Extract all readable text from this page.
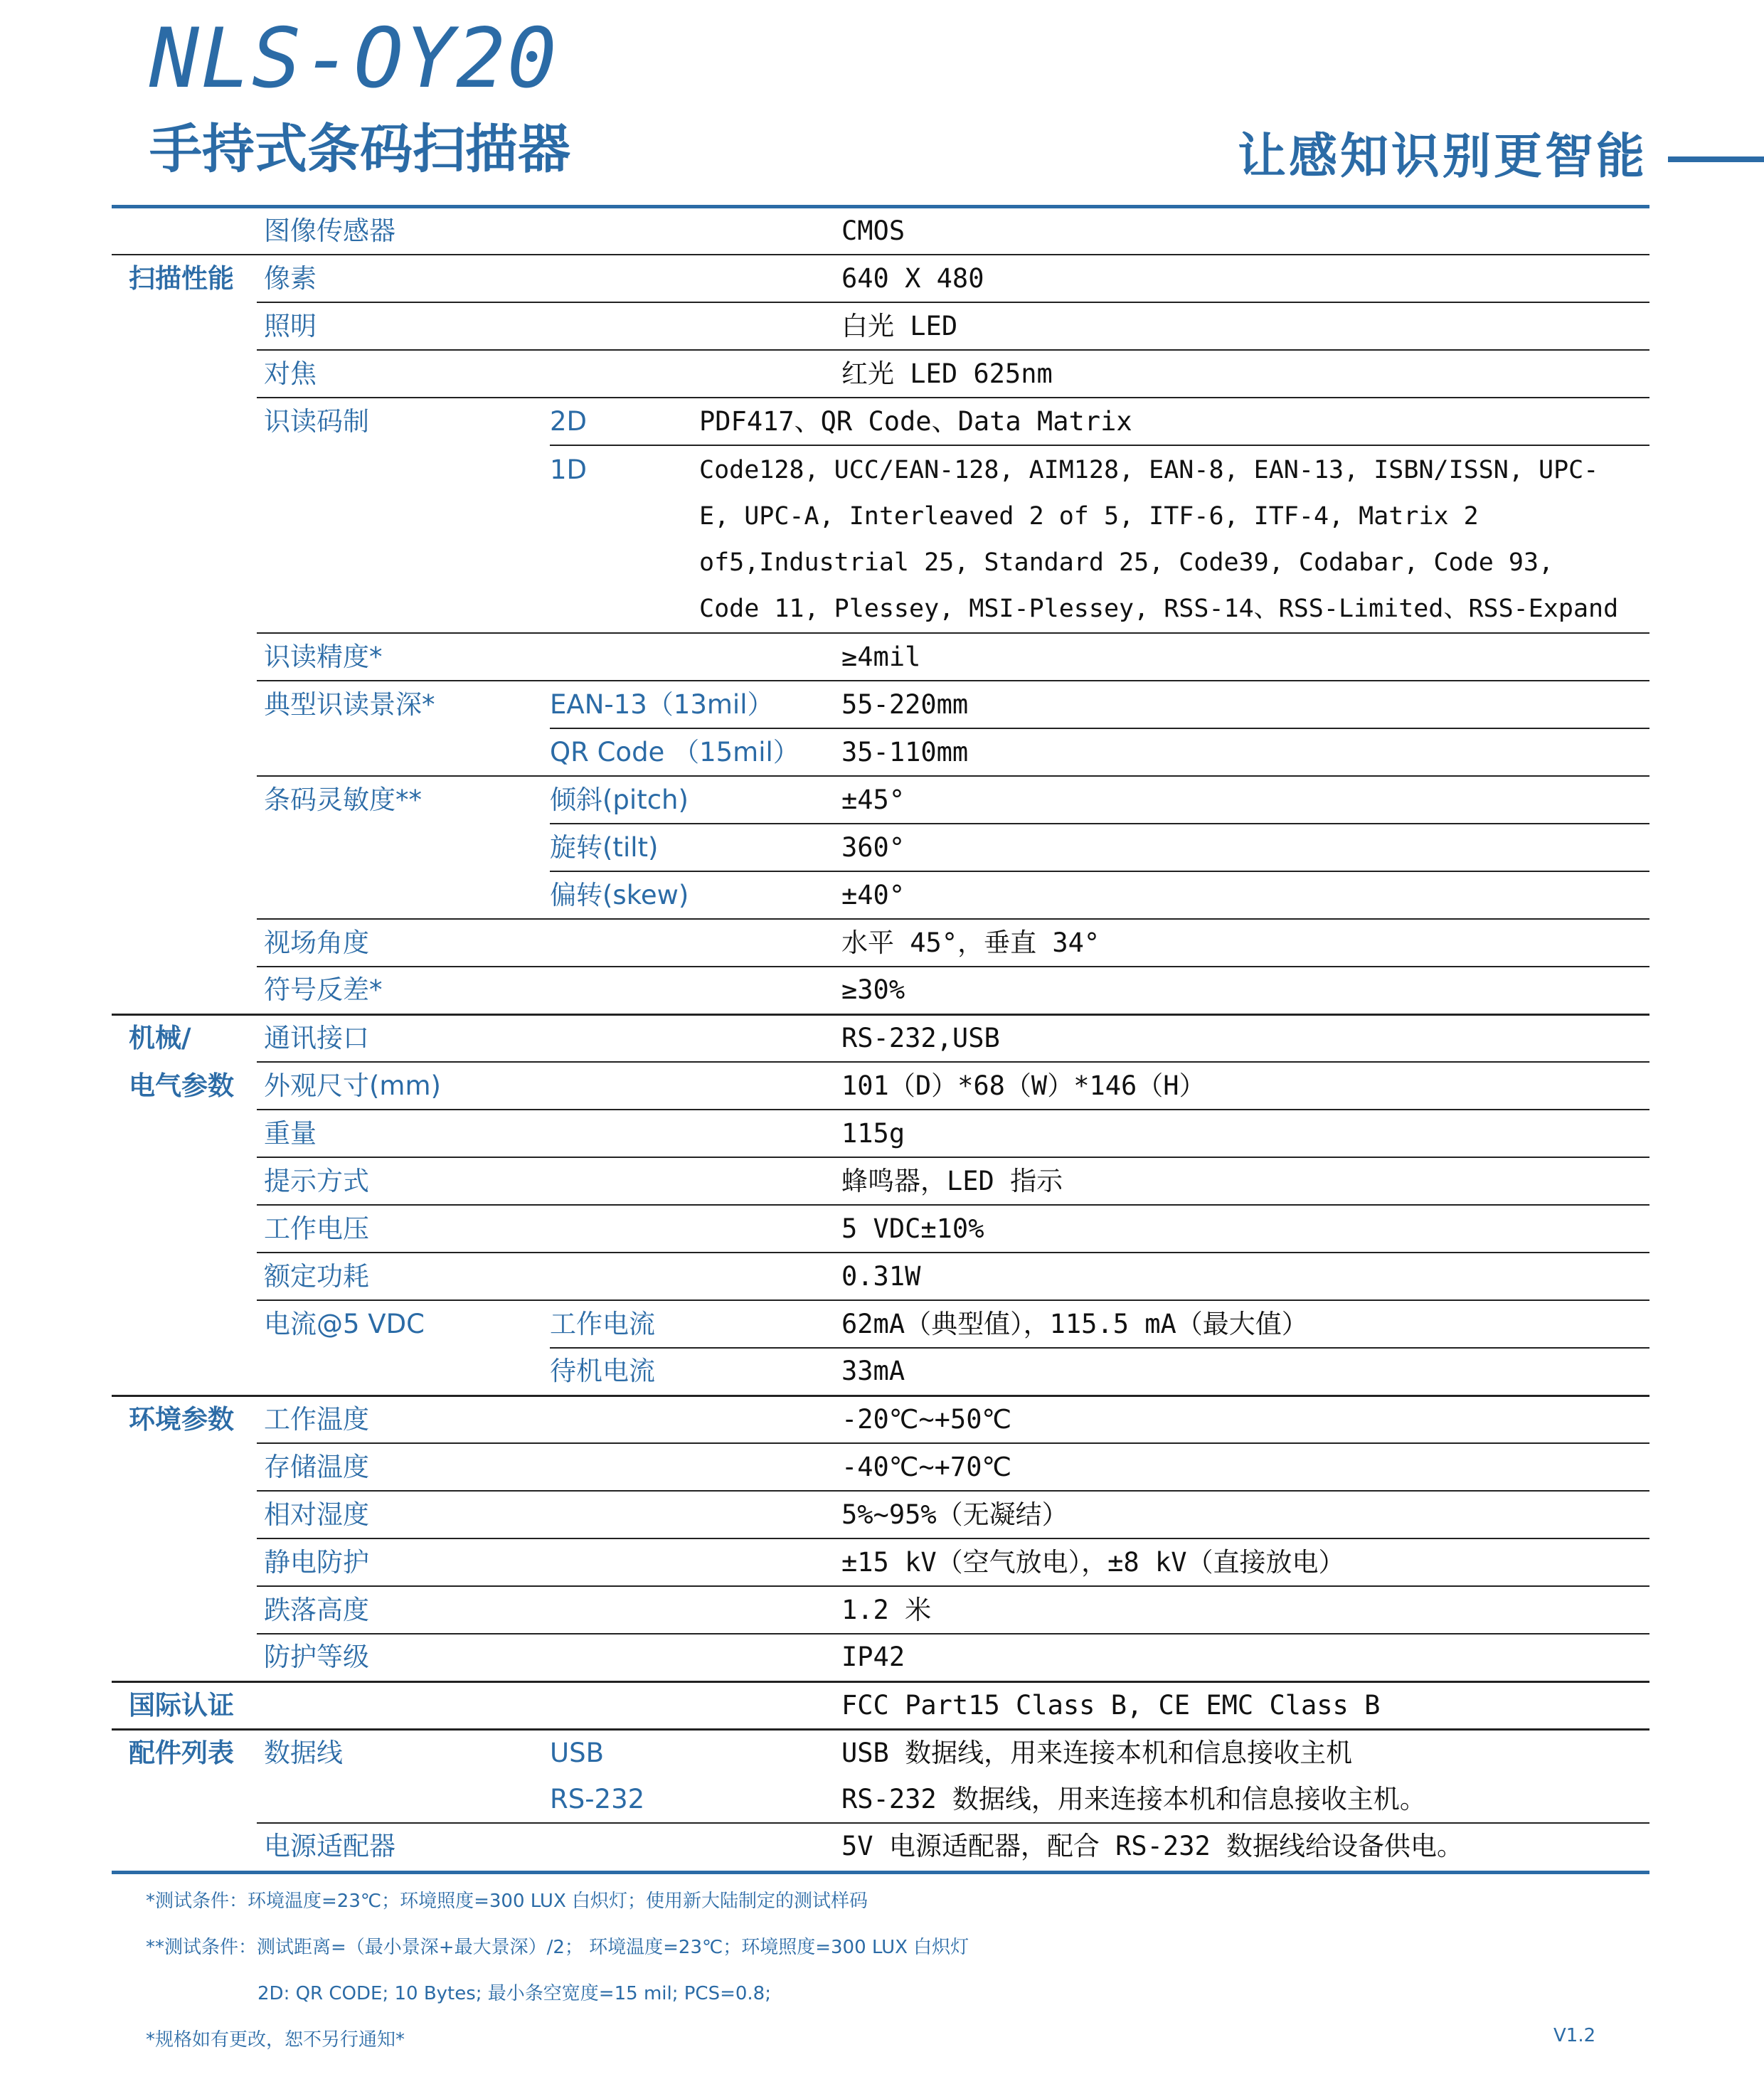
NLS-OY20
手持式条码扫描器	让感知识别更智能
	图像传感器		CMOS
扫描性能	像素		640 X 480
	照明		白光 LED
	对焦		红光 LED 625nm
	识读码制	2D	PDF417、QR Code、Data Matrix
		1D	Code128, UCC/EAN-128, AIM128, EAN-8, EAN-13, ISBN/ISSN, UPC-E, UPC-A, Interleaved 2 of 5, ITF-6, ITF-4, Matrix 2 of5,Industrial 25, Standard 25, Code39, Codabar, Code 93, Code 11, Plessey, MSI-Plessey, RSS-14、RSS-Limited、RSS-Expand
	识读精度*		≥4mil
	典型识读景深*	EAN-13（13mil）	55-220mm
		QR Code （15mil）	35-110mm
	条码灵敏度**	倾斜(pitch)	±45°
		旋转(tilt)	360°
		偏转(skew)	±40°
	视场角度		水平 45°，垂直 34°
	符号反差*		≥30%
机械/	通讯接口		RS-232,USB
电气参数	外观尺寸(mm)		101（D）*68（W）*146（H）
	重量		115g
	提示方式		蜂鸣器，LED 指示
	工作电压		5 VDC±10%
	额定功耗		0.31W
	电流@5 VDC	工作电流	62mA（典型值），115.5 mA（最大值）
		待机电流	33mA
环境参数	工作温度		-20℃~+50℃
	存储温度		-40℃~+70℃
	相对湿度		5%~95%（无凝结）
	静电防护		±15 kV（空气放电），±8 kV（直接放电）
	跌落高度		1.2 米
	防护等级		IP42
国际认证			FCC Part15 Class B, CE EMC Class B
配件列表	数据线	USB	USB 数据线，用来连接本机和信息接收主机
		RS-232	RS-232 数据线，用来连接本机和信息接收主机。
	电源适配器		5V 电源适配器，配合 RS-232 数据线给设备供电。
*测试条件：环境温度=23℃；环境照度=300 LUX 白炽灯；使用新大陆制定的测试样码
**测试条件：测试距离=（最小景深+最大景深）/2； 环境温度=23℃；环境照度=300 LUX 白炽灯
2D: QR CODE; 10 Bytes; 最小条空宽度=15 mil; PCS=0.8;
*规格如有更改，恕不另行通知*	V1.2
